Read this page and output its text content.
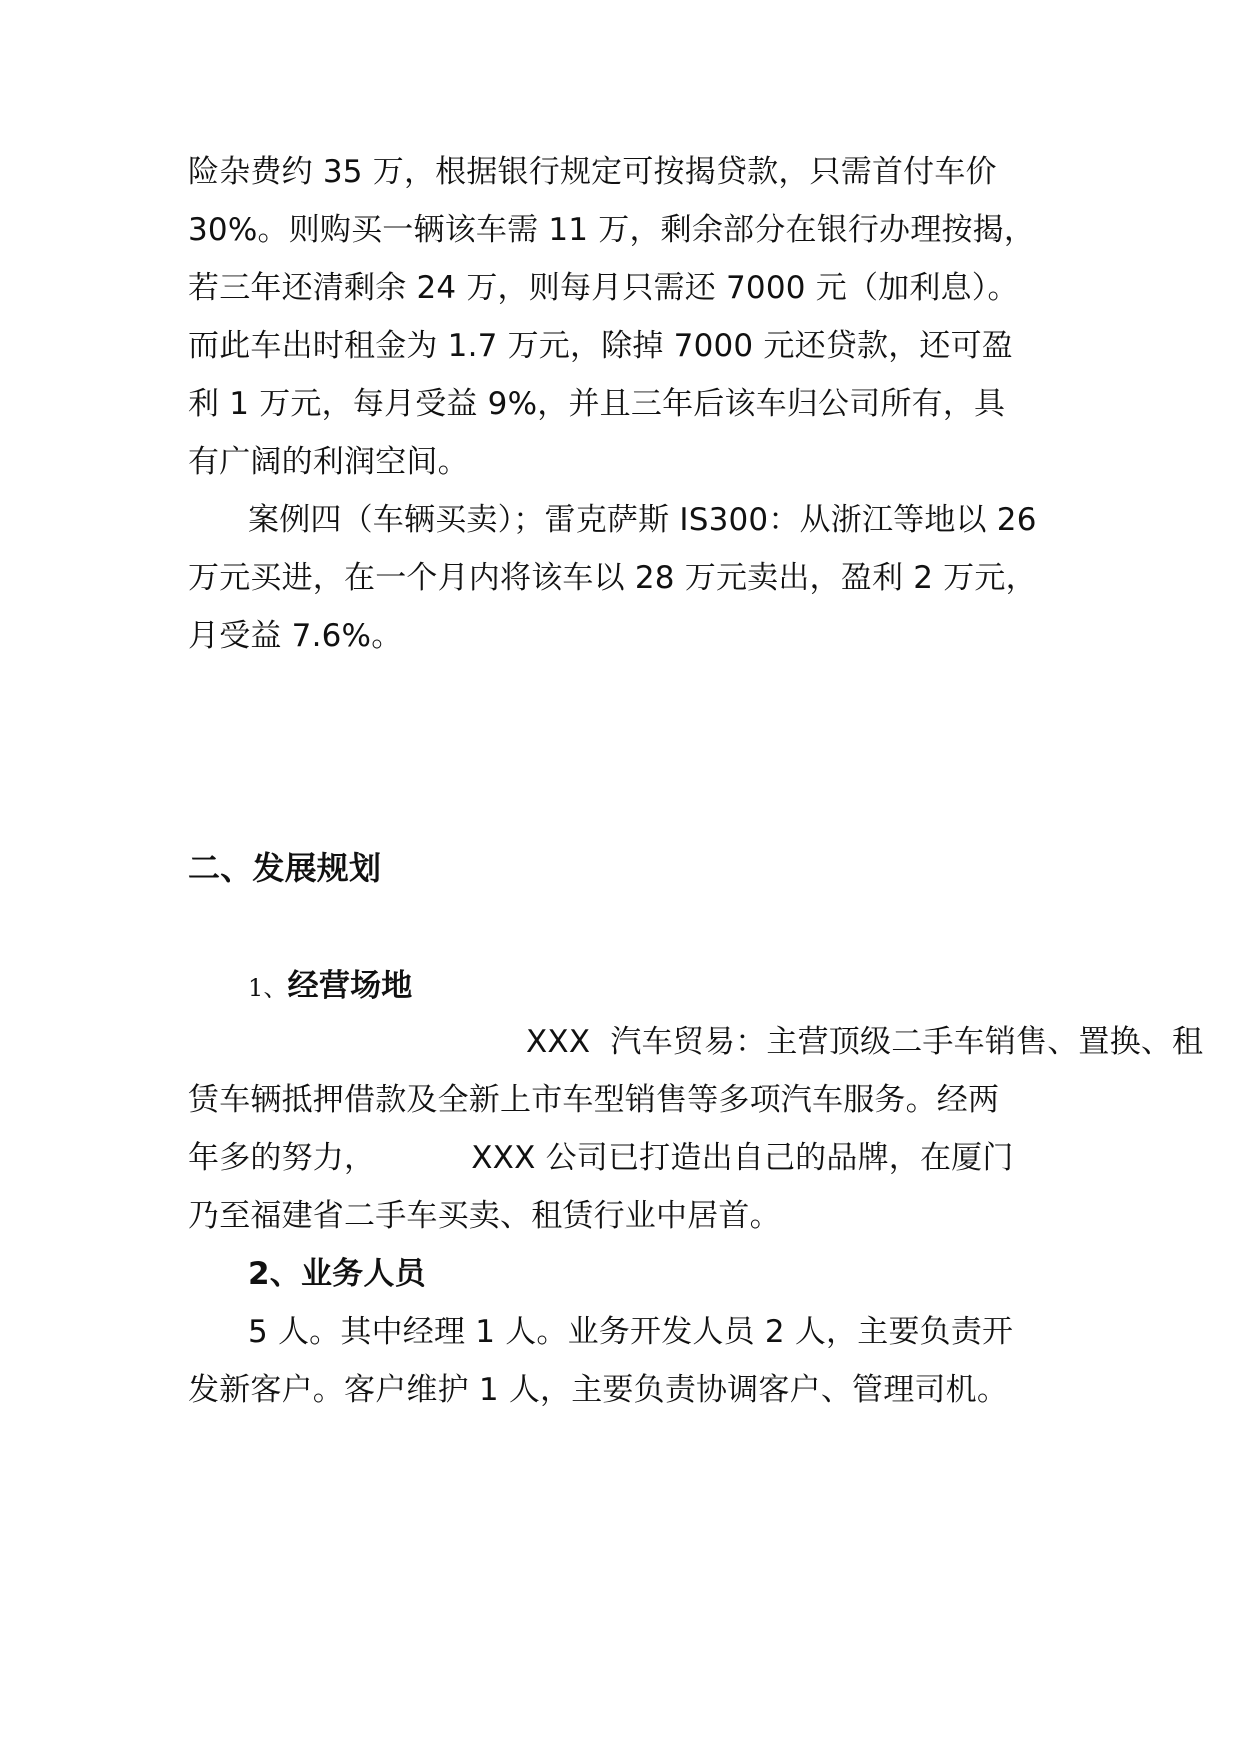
险杂费约 35 万，根据银行规定可按揭贷款，只需首付车价
30%。则购买一辆该车需 11 万，剩余部分在银行办理按揭，
若三年还清剩余 24 万，则每月只需还 7000 元（加利息）。
而此车出时租金为 1.7 万元，除掉 7000 元还贷款，还可盈
利 1 万元，每月受益 9%，并且三年后该车归公司所有，具
有广阔的利润空间。
案例四（车辆买卖）；雷克萨斯 IS300：从浙江等地以 26
万元买进，在一个月内将该车以 28 万元卖出，盈利 2 万元，
月受益 7.6%。
二、发展规划
1、经营场地
XXX 汽车贸易：主营顶级二手车销售、置换、租
赁车辆抵押借款及全新上市车型销售等多项汽车服务。经两
年多的努力，	XXX 公司已打造出自己的品牌，在厦门
乃至福建省二手车买卖、租赁行业中居首。
2、业务人员
5 人。其中经理 1 人。业务开发人员 2 人，主要负责开
发新客户。客户维护 1 人，主要负责协调客户、管理司机。
